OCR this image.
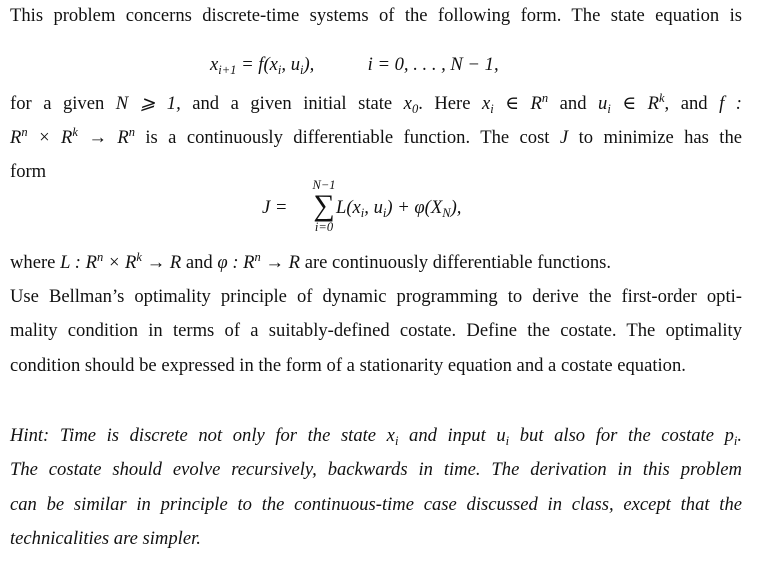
This problem concerns discrete-time systems of the following form. The state equation is
$x_{i+1} = f(x_i$, $u_i$),	i = 0, . . . , N − 1,
for a given N ⩾ 1, and a given initial state $x_0$. Here $x_i$ ∈ $R^n$ and $u_i$ ∈ $R^k$, and f :
$R^n \times R^k \to R^n$ is a continuously differentiable function. The cost J to minimize has the
form
J =
N−1
∑
i=0
$L(x_i$, $u_i) + \varphi(X_N)$,
where L : $R^n \times R^k \to R$ and φ : $R^n \to R$ are continuously differentiable functions.
Use Bellman’s optimality principle of dynamic programming to derive the first-order opti-
mality condition in terms of a suitably-defined costate. Define the costate. The optimality
condition should be expressed in the form of a stationarity equation and a costate equation.
Hint: Time is discrete not only for the state $x_i$ and input $u_i$ but also for the costate $p_i$.
The costate should evolve recursively, backwards in time. The derivation in this problem
can be similar in principle to the continuous-time case discussed in class, except that the
technicalities are simpler.
